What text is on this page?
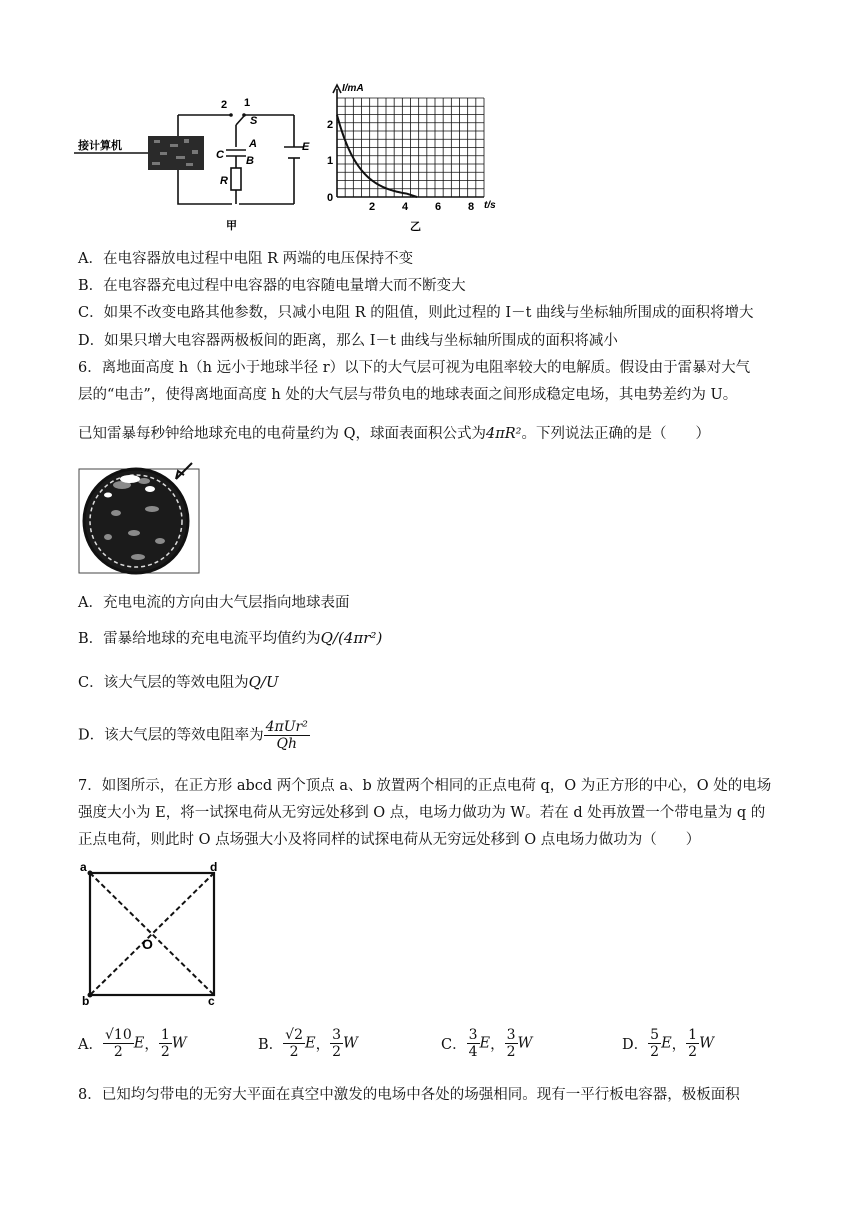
2 1
S
A
C B
R
E
接计算机
甲
I/mA
t/s
0
1
2
2 4 6 8
乙
A．在电容器放电过程中电阻 R 两端的电压保持不变
B．在电容器充电过程中电容器的电容随电量增大而不断变大
C．如果不改变电路其他参数，只减小电阻 R 的阻值，则此过程的 I－t 曲线与坐标轴所围成的面积将增大
D．如果只增大电容器两极板间的距离，那么 I－t 曲线与坐标轴所围成的面积将减小
6．离地面高度 h（h 远小于地球半径 r）以下的大气层可视为电阻率较大的电解质。假设由于雷暴对大气
层的“电击”，使得离地面高度 h 处的大气层与带负电的地球表面之间形成稳定电场，其电势差约为 U。
已知雷暴每秒钟给地球充电的电荷量约为 Q，球面表面积公式为4πR²。下列说法正确的是（　　）
A．充电电流的方向由大气层指向地球表面
B．雷暴给地球的充电电流平均值约为Q/(4πr²)
C．该大气层的等效电阻为Q/U
D．该大气层的等效电阻率为 $\frac{\text{4πUr²}}{Qh}$
7．如图所示，在正方形 abcd 两个顶点 a、b 放置两个相同的正点电荷 q，O 为正方形的中心，O 处的电场
强度大小为 E，将一试探电荷从无穷远处移到 O 点，电场力做功为 W。若在 d 处再放置一个带电量为 q 的
正点电荷，则此时 O 点场强大小及将同样的试探电荷从无穷远处移到 O 点电场力做功为（　　）
a	d
b	c
O
A． $\frac{√10}{2}$ E， $\frac{1}{2}$ W	B． $\frac{√2}{2}$ E， $\frac{3}{2}$ W	C． $\frac{3}{4}$ E， $\frac{3}{2}$ W	D． $\frac{5}{2}$ E， $\frac{1}{2}$ W
8．已知均匀带电的无穷大平面在真空中激发的电场中各处的场强相同。现有一平行板电容器，极板面积
